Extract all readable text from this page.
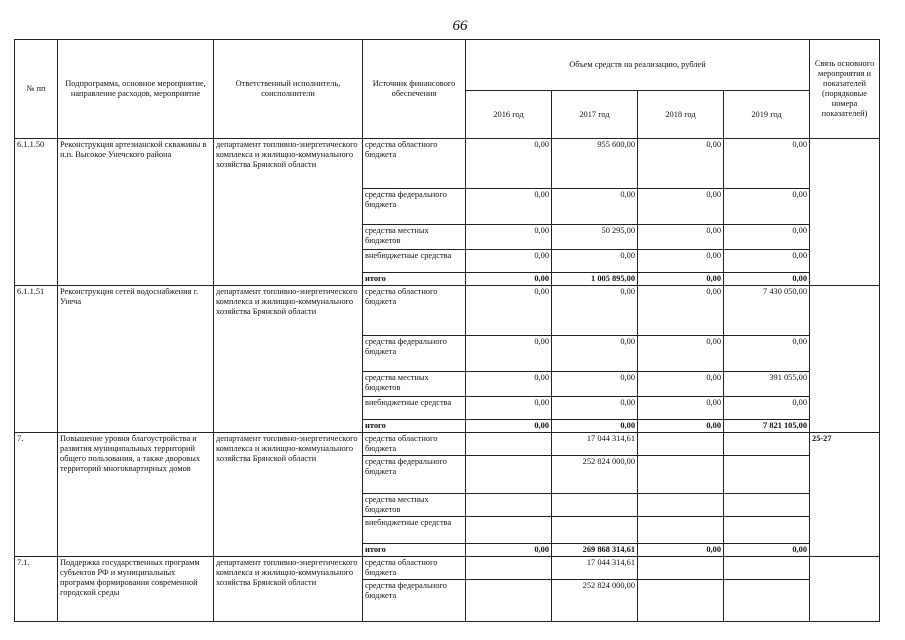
66
№ пп	Подпрограмма, основное мероприятие, направление расходов, мероприятие	Ответственный исполнитель, соисполнители	Источник финансового обеспечения	Объем средств на реализацию, рублей				Связь основного мероприятия и показателей (порядковые номера показателей)
				2016 год	2017 год	2018 год	2019 год	
6.1.1.50	Реконструкция артезианской скважины в н.п. Высокое Унечского района	департамент топливно-энергетического комплекса и жилищно-коммунального хозяйства Брянской области	средства областного бюджета	0,00	955 600,00	0,00	0,00	
			средства федерального бюджета	0,00	0,00	0,00	0,00	
			средства местных бюджетов	0,00	50 295,00	0,00	0,00	
			внебюджетные средства	0,00	0,00	0,00	0,00	
			итого	0,00	1 005 895,00	0,00	0,00	
6.1.1.51	Реконструкция сетей водоснабжения г. Унеча	департамент топливно-энергетического комплекса и жилищно-коммунального хозяйства Брянской области	средства областного бюджета	0,00	0,00	0,00	7 430 050,00	
			средства федерального бюджета	0,00	0,00	0,00	0,00	
			средства местных бюджетов	0,00	0,00	0,00	391 055,00	
			внебюджетные средства	0,00	0,00	0,00	0,00	
			итого	0,00	0,00	0,00	7 821 105,00	
7.	Повышение уровня благоустройства и развития муниципальных территорий общего пользования, а также дворовых территорий многоквартирных домов	департамент топливно-энергетического комплекса и жилищно-коммунального хозяйства Брянской области	средства областного бюджета		17 044 314,61			25-27
			средства федерального бюджета		252 824 000,00			
			средства местных бюджетов					
			внебюджетные средства					
			итого	0,00	269 868 314,61	0,00	0,00	
7.1.	Поддержка государственных программ субъектов РФ и муниципальных программ формирования современной городской среды	департамент топливно-энергетического комплекса и жилищно-коммунального хозяйства Брянской области	средства областного бюджета		17 044 314,61			
			средства федерального бюджета		252 824 000,00			
